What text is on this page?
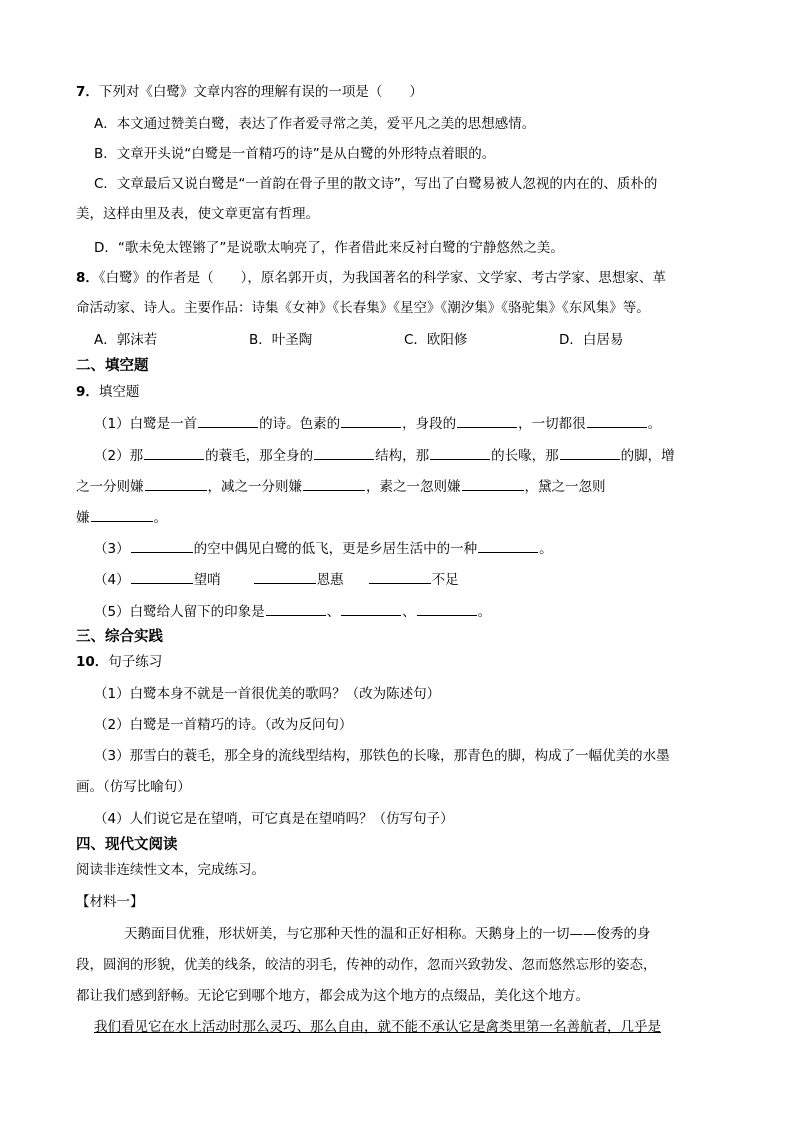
7．下列对《白鹭》文章内容的理解有误的一项是（　　）
A．本文通过赞美白鹭，表达了作者爱寻常之美，爱平凡之美的思想感情。
B．文章开头说“白鹭是一首精巧的诗”是从白鹭的外形特点着眼的。
C．文章最后又说白鹭是“一首韵在骨子里的散文诗”，写出了白鹭易被人忽视的内在的、质朴的
美，这样由里及表，使文章更富有哲理。
D．“歌未免太铿锵了”是说歌太响亮了，作者借此来反衬白鹭的宁静悠然之美。
8．《白鹭》的作者是（　　），原名郭开贞，为我国著名的科学家、文学家、考古学家、思想家、革
命活动家、诗人。主要作品：诗集《女神》《长春集》《星空》《潮汐集》《骆驼集》《东风集》等。
A．郭沫若	B．叶圣陶	C．欧阳修	D．白居易
二、填空题
9．填空题
（1）白鹭是一首	的诗。色素的	，身段的	，一切都很	。
（2）那	的蓑毛，那全身的	结构，那	的长喙，那	的脚，增
之一分则嫌	，减之一分则嫌	，素之一忽则嫌	，黛之一忽则
嫌	。
（3）	的空中偶见白鹭的低飞，更是乡居生活中的一种	。
（4）	望哨	恩惠	不足
（5）白鹭给人留下的印象是	、	、	。
三、综合实践
10．句子练习
（1）白鹭本身不就是一首很优美的歌吗？（改为陈述句）
（2）白鹭是一首精巧的诗。（改为反问句）
（3）那雪白的蓑毛，那全身的流线型结构，那铁色的长喙，那青色的脚，构成了一幅优美的水墨
画。（仿写比喻句）
（4）人们说它是在望哨，可它真是在望哨吗？（仿写句子）
四、现代文阅读
阅读非连续性文本，完成练习。
【材料一】
天鹅面目优雅，形状妍美，与它那种天性的温和正好相称。天鹅身上的一切——俊秀的身
段，圆润的形貌，优美的线条，皎洁的羽毛，传神的动作，忽而兴致勃发、忽而悠然忘形的姿态，
都让我们感到舒畅。无论它到哪个地方，都会成为这个地方的点缀品，美化这个地方。
我们看见它在水上活动时那么灵巧、那么自由，就不能不承认它是禽类里第一名善航者，几乎是
